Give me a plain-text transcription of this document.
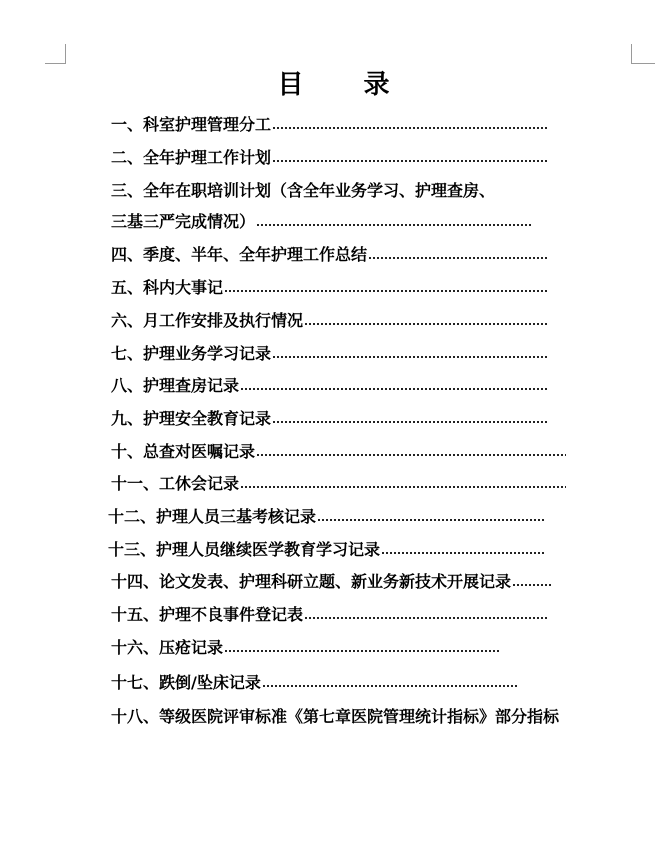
目 录
一、科室护理管理分工
二、全年护理工作计划
三、全年在职培训计划（含全年业务学习、护理查房、
三基三严完成情况）
四、季度、半年、全年护理工作总结
五、科内大事记
六、月工作安排及执行情况
七、护理业务学习记录
八、护理查房记录
九、护理安全教育记录
十、总查对医嘱记录
十一、工休会记录
十二、护理人员三基考核记录
十三、护理人员继续医学教育学习记录
十四、论文发表、护理科研立题、新业务新技术开展记录
十五、护理不良事件登记表
十六、压疮记录
十七、跌倒/坠床记录
十八、等级医院评审标准《第七章医院管理统计指标》部分指标
